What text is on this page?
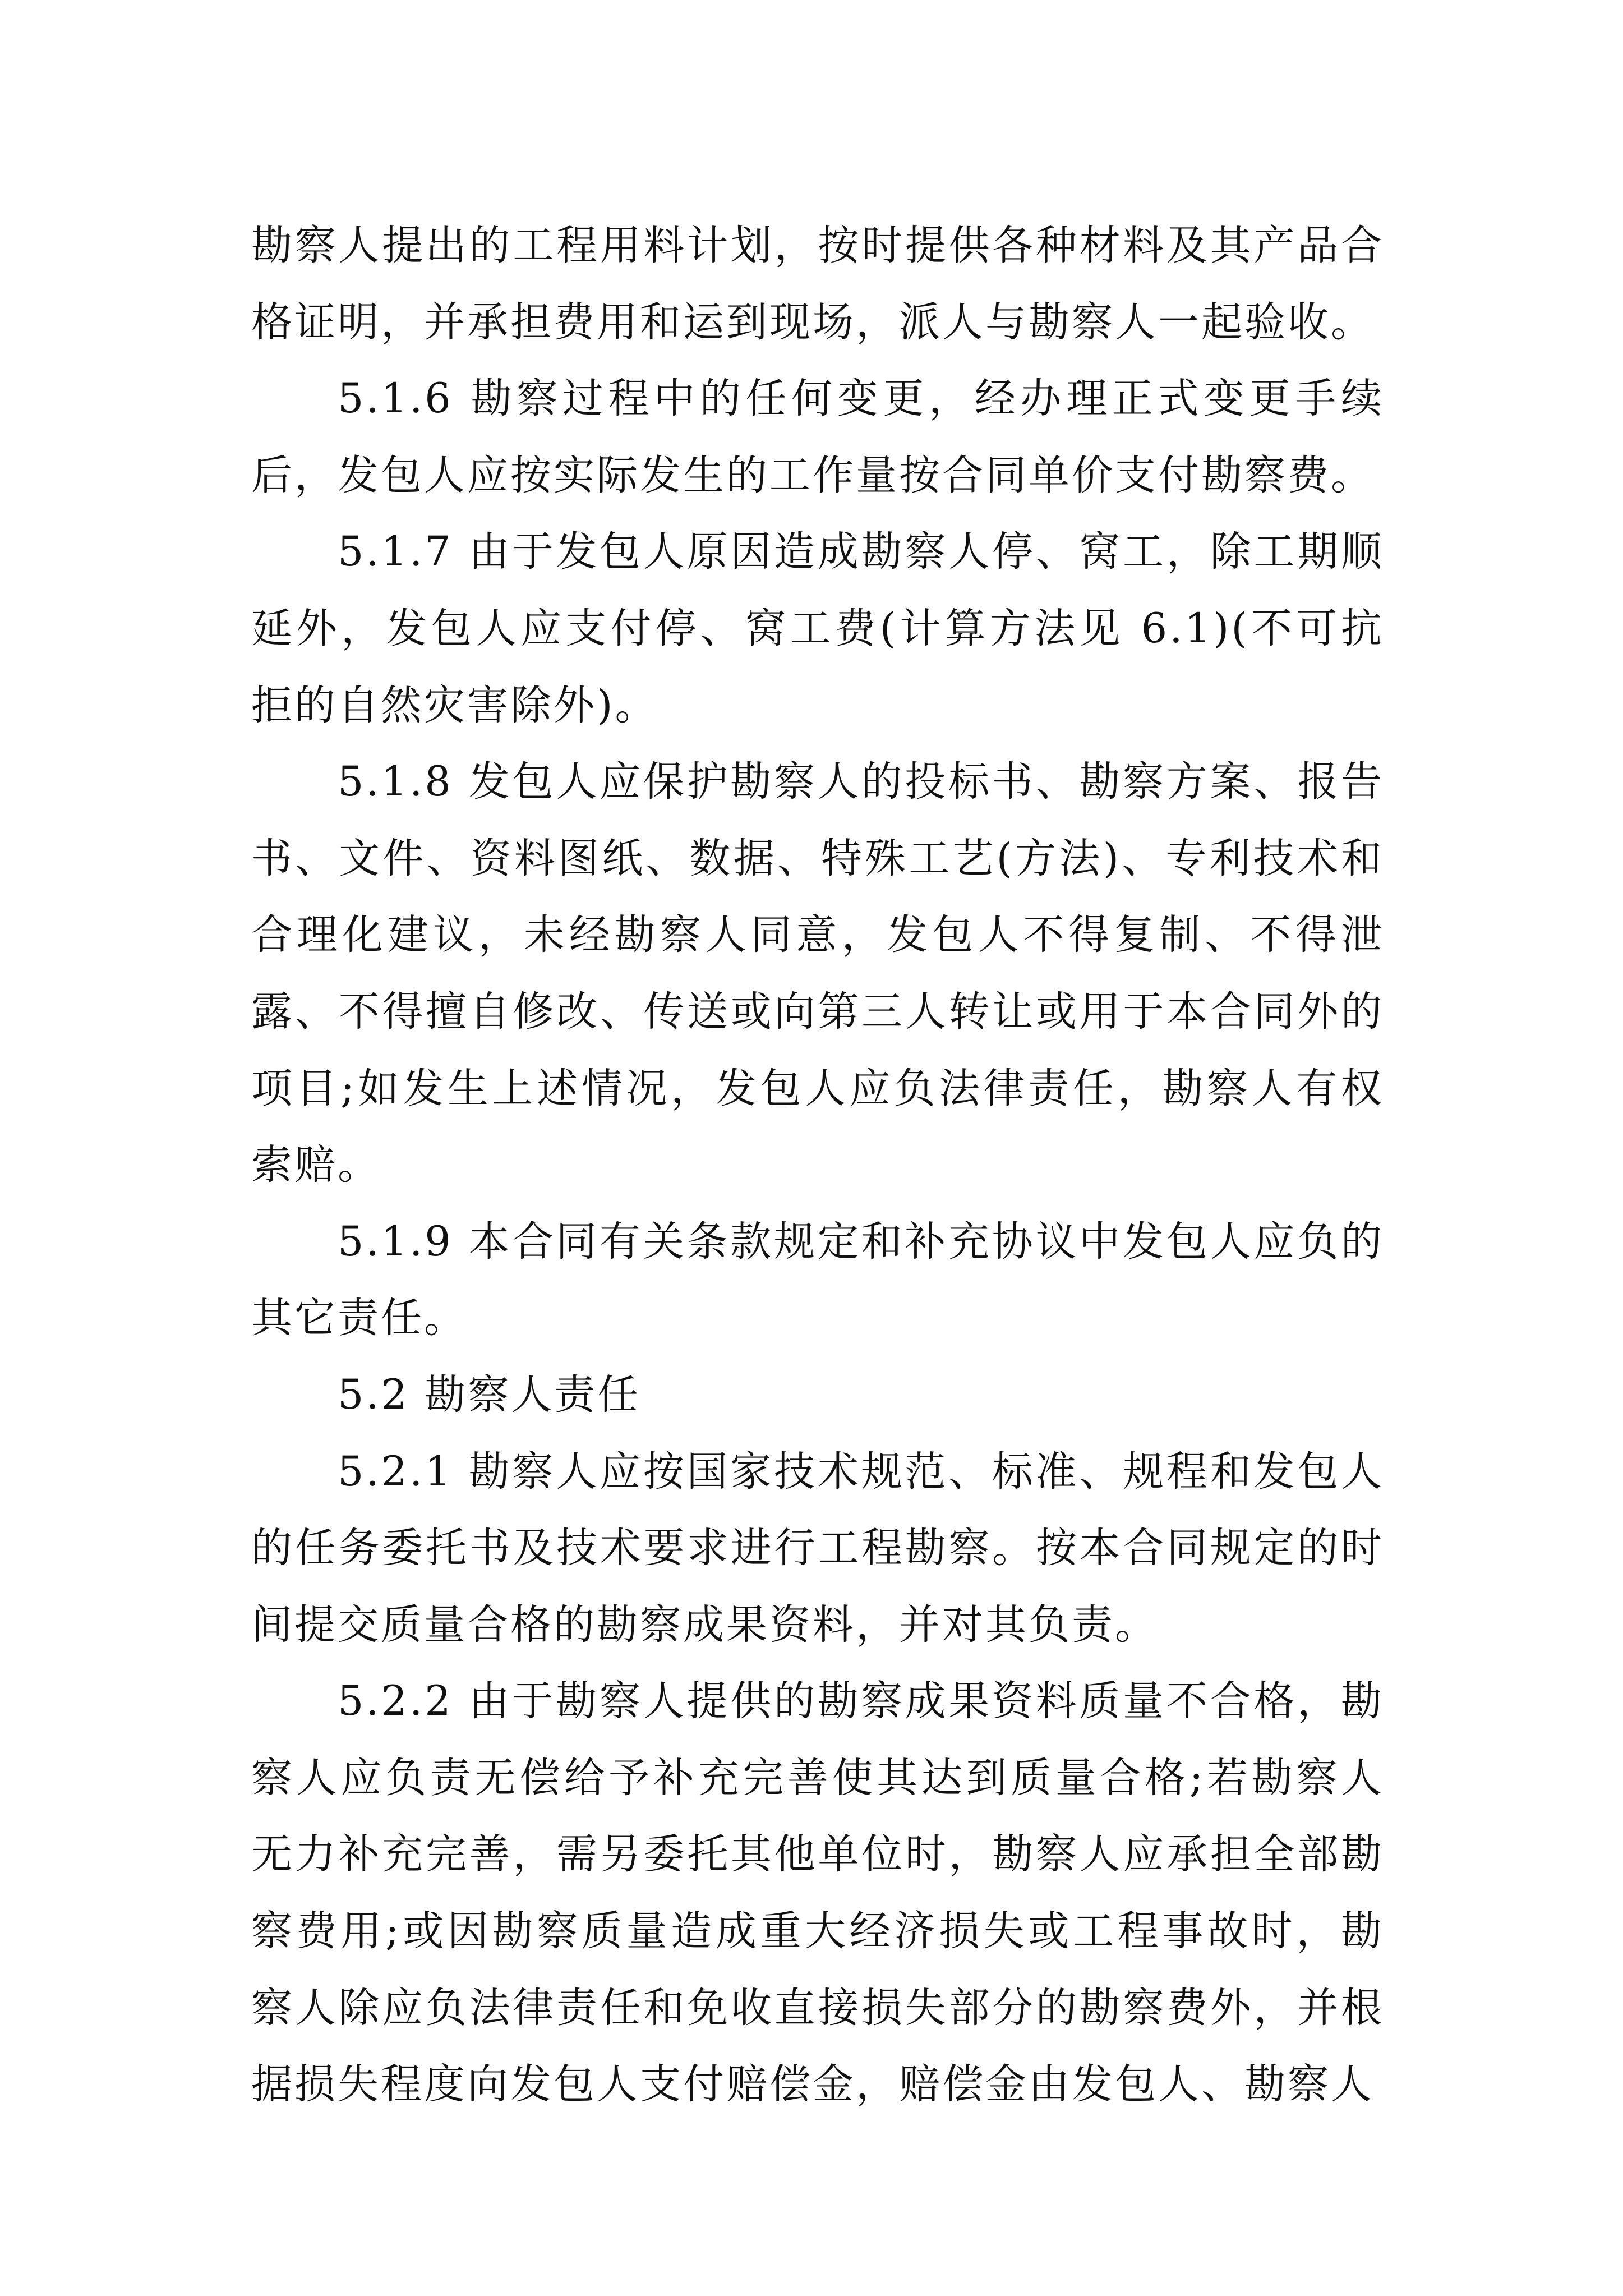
勘察人提出的工程用料计划，按时提供各种材料及其产品合格证明，并承担费用和运到现场，派人与勘察人一起验收。

5.1.6 勘察过程中的任何变更，经办理正式变更手续后，发包人应按实际发生的工作量按合同单价支付勘察费。

5.1.7 由于发包人原因造成勘察人停、窝工，除工期顺延外，发包人应支付停、窝工费(计算方法见 6.1)(不可抗拒的自然灾害除外)。

5.1.8 发包人应保护勘察人的投标书、勘察方案、报告书、文件、资料图纸、数据、特殊工艺(方法)、专利技术和合理化建议，未经勘察人同意，发包人不得复制、不得泄露、不得擅自修改、传送或向第三人转让或用于本合同外的项目;如发生上述情况，发包人应负法律责任，勘察人有权索赔。

5.1.9 本合同有关条款规定和补充协议中发包人应负的其它责任。

5.2 勘察人责任

5.2.1 勘察人应按国家技术规范、标准、规程和发包人的任务委托书及技术要求进行工程勘察。按本合同规定的时间提交质量合格的勘察成果资料，并对其负责。

5.2.2 由于勘察人提供的勘察成果资料质量不合格，勘察人应负责无偿给予补充完善使其达到质量合格;若勘察人无力补充完善，需另委托其他单位时，勘察人应承担全部勘察费用;或因勘察质量造成重大经济损失或工程事故时，勘察人除应负法律责任和免收直接损失部分的勘察费外，并根据损失程度向发包人支付赔偿金，赔偿金由发包人、勘察人
